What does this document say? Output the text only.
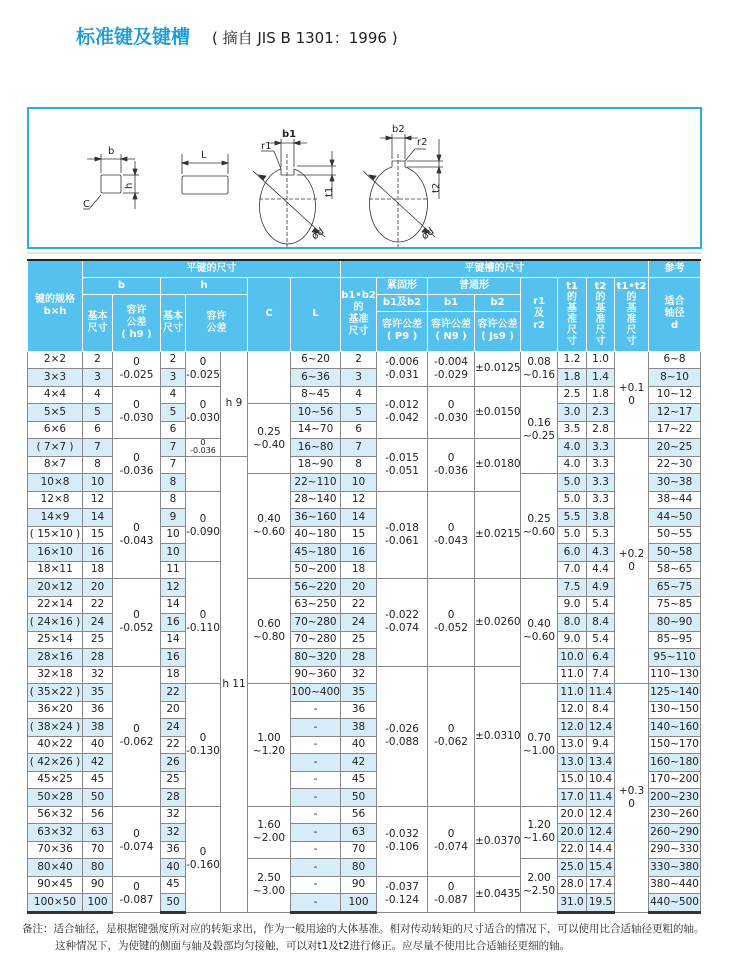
标准键及键槽 ( 摘自 JIS B 1301：1996 )
b
h
C
L
b1
r1
t1
ød
b2
r2
t2
ød
键的规格
b×h	平键的尺寸	平键槽的尺寸	参考
b	h	C	L	b1•b2
的
基准
尺寸	紧固形	普通形	r1
及
r2	t1
的
基
准
尺
寸	t2
的
基
准
尺
寸	t1•t2
的
基
准
尺
寸	适合
轴径
d
基本
尺寸	容许
公差
( h9 )	基本
尺寸	容许
公差	b1及b2	b1	b2
容许公差
( P9 )	容许公差
( N9 )	容许公差
( Js9 )
2×2	2	0
-0.025	2	0
-0.025	h 9		6~20	2	-0.006
-0.031	-0.004
-0.029	±0.0125	0.08
~0.16	1.2	1.0	+0.1
0	6~8
3×3	3	3	6~36	3	1.8	1.4	8~10
4×4	4	0
-0.030	4	0
-0.030	8~45	4	-0.012
-0.042	0
-0.030	±0.0150	0.16
~0.25	2.5	1.8	10~12
5×5	5	5	0.25
~0.40	10~56	5	3.0	2.3	12~17
6×6	6	6	14~70	6	3.5	2.8	17~22
( 7×7 )	7	0
-0.036	7	0
-0.036	16~80	7	-0.015
-0.051	0
-0.036	±0.0180	4.0	3.3	+0.2
0	20~25
8×7	8	7		h 11	18~90	8	4.0	3.3	22~30
10×8	10	8	0.40
~0.60	22~110	10	0.25
~0.60	5.0	3.3	30~38
12×8	12	0
-0.043	8	0
-0.090	28~140	12	-0.018
-0.061	0
-0.043	±0.0215	5.0	3.3	38~44
14×9	14	9	36~160	14	5.5	3.8	44~50
( 15×10 )	15	10	40~180	15	5.0	5.3	50~55
16×10	16	10	45~180	16	6.0	4.3	50~58
18×11	18	11	0
-0.110	50~200	18	7.0	4.4	58~65
20×12	20	0
-0.052	12	0.60
~0.80	56~220	20	-0.022
-0.074	0
-0.052	±0.0260	0.40
~0.60	7.5	4.9	65~75
22×14	22	14	63~250	22	9.0	5.4	75~85
( 24×16 )	24	16	70~280	24	8.0	8.4	80~90
25×14	25	14	70~280	25	9.0	5.4	85~95
28×16	28	16	80~320	28	10.0	6.4	95~110
32×18	32	0
-0.062	18	90~360	32	-0.026
-0.088	0
-0.062	±0.0310	11.0	7.4	110~130
( 35×22 )	35	22	0
-0.130	1.00
~1.20	100~400	35	0.70
~1.00	11.0	11.4	+0.3
0	125~140
36×20	36	20	-	36	12.0	8.4	130~150
( 38×24 )	38	24	-	38	12.0	12.4	140~160
40×22	40	22	-	40	13.0	9.4	150~170
( 42×26 )	42	26	-	42	13.0	13.4	160~180
45×25	45	25	-	45	15.0	10.4	170~200
50×28	50	28	-	50	17.0	11.4	200~230
56×32	56	0
-0.074	32	0
-0.160	1.60
~2.00	-	56	-0.032
-0.106	0
-0.074	±0.0370	1.20
~1.60	20.0	12.4	230~260
63×32	63	32	-	63	20.0	12.4	260~290
70×36	70	36	-	70	22.0	14.4	290~330
80×40	80	40	2.50
~3.00	-	80	2.00
~2.50	25.0	15.4	330~380
90×45	90	0
-0.087	45	-	90	-0.037
-0.124	0
-0.087	±0.0435	28.0	17.4	380~440
100×50	100	50	-	100	31.0	19.5	440~500
备注：适合轴径，是根据键强度所对应的转矩求出，作为一般用途的大体基准。相对传动转矩的尺寸适合的情况下，可以使用比合适轴径更粗的轴。
这种情况下，为使键的侧面与轴及毂部均匀接触，可以对t1及t2进行修正。应尽量不使用比合适轴径更细的轴。
